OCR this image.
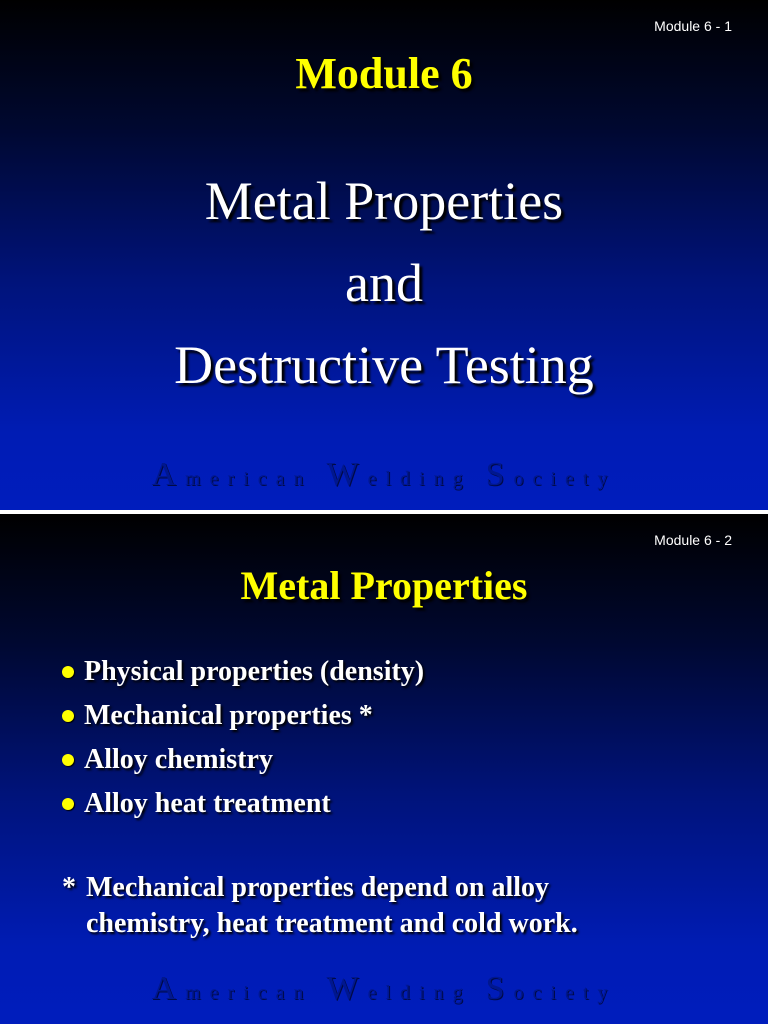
Module 6 - 1
Module 6
Metal Properties
and
Destructive Testing
American Welding Society
Module 6 - 2
Metal Properties
Physical properties (density)
Mechanical properties *
Alloy chemistry
Alloy heat treatment
* Mechanical properties depend on alloy
chemistry, heat treatment and cold work.
American Welding Society
